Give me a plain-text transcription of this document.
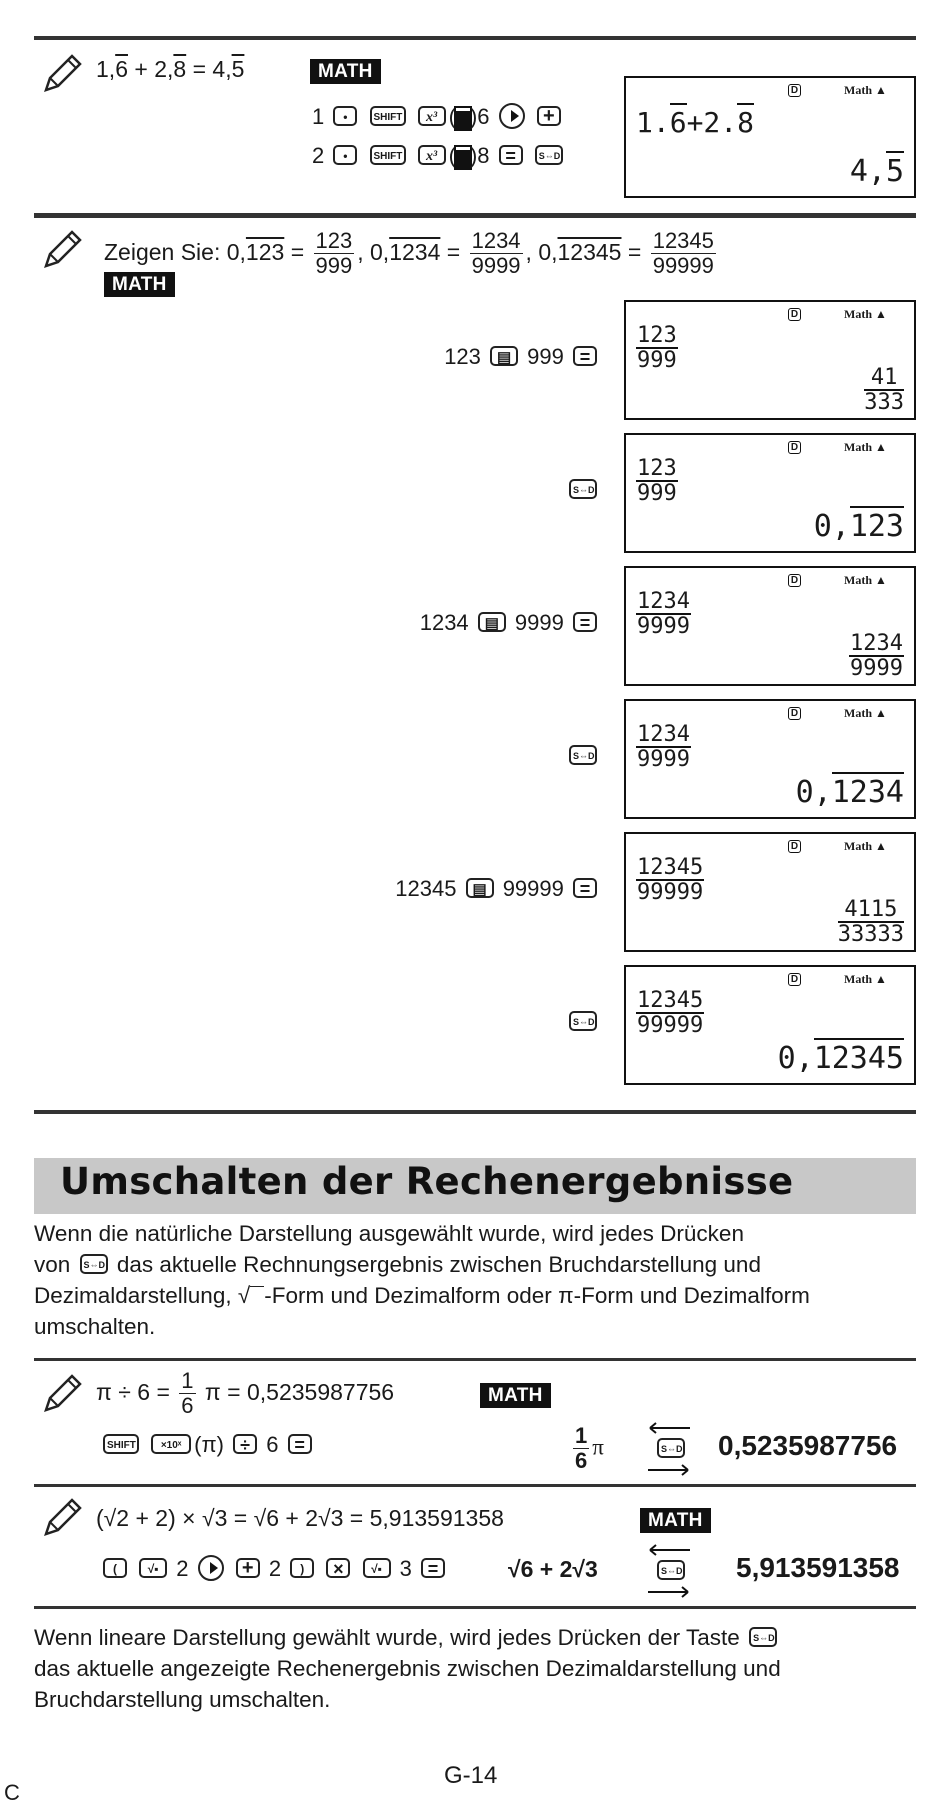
1,6 + 2,8 = 4,5	MATH
1 •	SHIFT x³ ( )6	+
2 •	SHIFT x³ ( )8 =	S⇔D
D	Math ▲
1.6+2.8
4,5
Zeigen Sie: $0,123 = \frac{123}{999}$ , $0,1234 = \frac{1234}{9999}$ , $0,12345 = \frac{12345}{99999}$
MATH
123 ▤ 999 =
D	Math ▲
$\frac{123}{999}$
$\frac{41}{333}$
S⇔D
D	Math ▲
$\frac{123}{999}$
0,123
1234 ▤ 9999 =
D	Math ▲
$\frac{1234}{9999}$
$\frac{1234}{9999}$
S⇔D
D	Math ▲
$\frac{1234}{9999}$
0,1234
12345 ▤ 99999 =
D	Math ▲
$\frac{12345}{99999}$
$\frac{4115}{33333}$
S⇔D
D	Math ▲
$\frac{12345}{99999}$
0,12345
Umschalten der Rechenergebnisse
Wenn die natürliche Darstellung ausgewählt wurde, wird jedes Drücken
von S⇔D das aktuelle Rechnungsergebnis zwischen Bruchdarstellung und
Dezimaldarstellung, √ -Form und Dezimalform oder π-Form und Dezimalform
umschalten.
$\pi \div 6 = \frac{1}{6}$ π = 0,5235987756	MATH
SHIFT ×10ˣ (π) ÷ 6 =	$\frac{1}{6}$ π	S⇔D 0,5235987756
(√2 + 2) × √3 = √6 + 2√3 = 5,913591358	MATH
(	√▪ 2	+ 2 ) × √▪ 3 =	√6 + 2√3	S⇔D 5,913591358
Wenn lineare Darstellung gewählt wurde, wird jedes Drücken der Taste S⇔D
das aktuelle angezeigte Rechenergebnis zwischen Dezimaldarstellung und
Bruchdarstellung umschalten.
G-14
C
